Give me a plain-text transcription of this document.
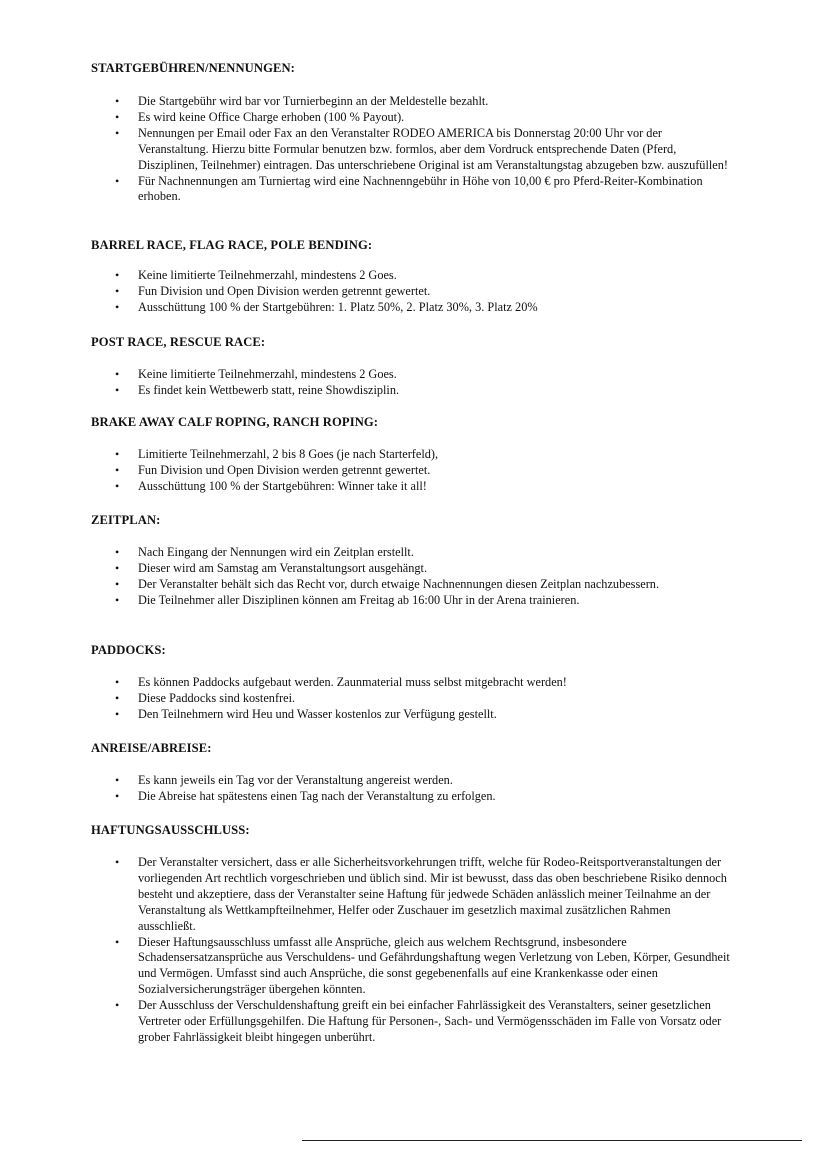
STARTGEBÜHREN/NENNUNGEN:
• Die Startgebühr wird bar vor Turnierbeginn an der Meldestelle bezahlt.
• Es wird keine Office Charge erhoben (100 % Payout).
• Nennungen per Email oder Fax an den Veranstalter RODEO AMERICA bis Donnerstag 20:00 Uhr vor der Veranstaltung. Hierzu bitte Formular benutzen bzw. formlos, aber dem Vordruck entsprechende Daten (Pferd, Disziplinen, Teilnehmer) eintragen. Das unterschriebene Original ist am Veranstaltungstag abzugeben bzw. auszufüllen!
• Für Nachnennungen am Turniertag wird eine Nachnenngebühr in Höhe von 10,00 € pro Pferd-Reiter-Kombination erhoben.
BARREL RACE, FLAG RACE, POLE BENDING:
• Keine limitierte Teilnehmerzahl, mindestens 2 Goes.
• Fun Division und Open Division werden getrennt gewertet.
• Ausschüttung 100 % der Startgebühren: 1. Platz 50%, 2. Platz 30%, 3. Platz 20%
POST RACE, RESCUE RACE:
• Keine limitierte Teilnehmerzahl, mindestens 2 Goes.
• Es findet kein Wettbewerb statt, reine Showdisziplin.
BRAKE AWAY CALF ROPING, RANCH ROPING:
• Limitierte Teilnehmerzahl, 2 bis 8 Goes (je nach Starterfeld),
• Fun Division und Open Division werden getrennt gewertet.
• Ausschüttung 100 % der Startgebühren: Winner take it all!
ZEITPLAN:
• Nach Eingang der Nennungen wird ein Zeitplan erstellt.
• Dieser wird am Samstag am Veranstaltungsort ausgehängt.
• Der Veranstalter behält sich das Recht vor, durch etwaige Nachnennungen diesen Zeitplan nachzubessern.
• Die Teilnehmer aller Disziplinen können am Freitag ab 16:00 Uhr in der Arena trainieren.
PADDOCKS:
• Es können Paddocks aufgebaut werden. Zaunmaterial muss selbst mitgebracht werden!
• Diese Paddocks sind kostenfrei.
• Den Teilnehmern wird Heu und Wasser kostenlos zur Verfügung gestellt.
ANREISE/ABREISE:
• Es kann jeweils ein Tag vor der Veranstaltung angereist werden.
• Die Abreise hat spätestens einen Tag nach der Veranstaltung zu erfolgen.
HAFTUNGSAUSSCHLUSS:
• Der Veranstalter versichert, dass er alle Sicherheitsvorkehrungen trifft, welche für Rodeo-Reitsportveranstaltungen der vorliegenden Art rechtlich vorgeschrieben und üblich sind. Mir ist bewusst, dass das oben beschriebene Risiko dennoch besteht und akzeptiere, dass der Veranstalter seine Haftung für jedwede Schäden anlässlich meiner Teilnahme an der Veranstaltung als Wettkampfteilnehmer, Helfer oder Zuschauer im gesetzlich maximal zusätzlichen Rahmen ausschließt.
• Dieser Haftungsausschluss umfasst alle Ansprüche, gleich aus welchem Rechtsgrund, insbesondere Schadensersatzansprüche aus Verschuldens- und Gefährdungshaftung wegen Verletzung von Leben, Körper, Gesundheit und Vermögen. Umfasst sind auch Ansprüche, die sonst gegebenenfalls auf eine Krankenkasse oder einen Sozialversicherungsträger übergehen könnten.
• Der Ausschluss der Verschuldenshaftung greift ein bei einfacher Fahrlässigkeit des Veranstalters, seiner gesetzlichen Vertreter oder Erfüllungsgehilfen. Die Haftung für Personen-, Sach- und Vermögensschäden im Falle von Vorsatz oder grober Fahrlässigkeit bleibt hingegen unberührt.
